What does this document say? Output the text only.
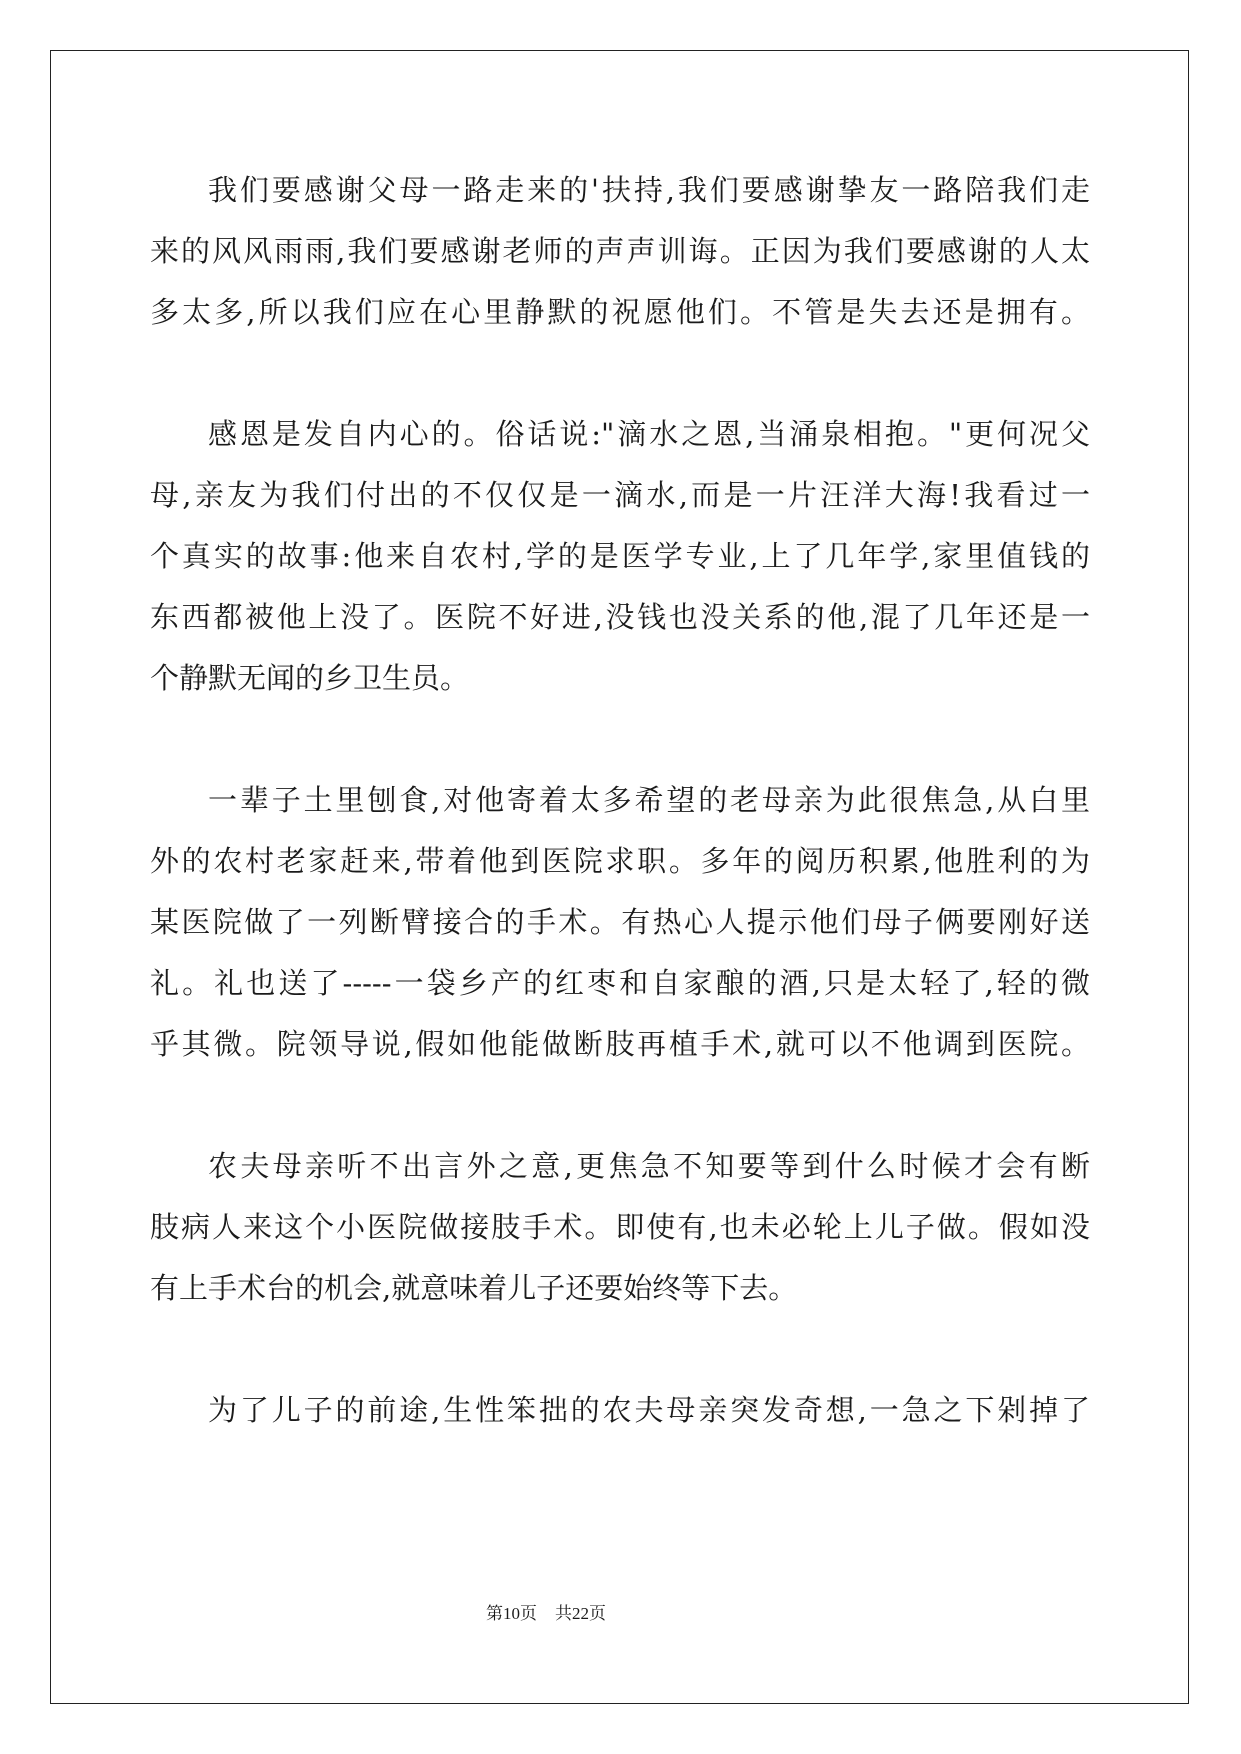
我们要感谢父母一路走来的'扶持,我们要感谢挚友一路陪我们走
来的风风雨雨,我们要感谢老师的声声训诲。正因为我们要感谢的人太
多太多,所以我们应在心里静默的祝愿他们。不管是失去还是拥有。
感恩是发自内心的。俗话说:"滴水之恩,当涌泉相抱。"更何况父
母,亲友为我们付出的不仅仅是一滴水,而是一片汪洋大海!我看过一
个真实的故事:他来自农村,学的是医学专业,上了几年学,家里值钱的
东西都被他上没了。医院不好进,没钱也没关系的他,混了几年还是一
个静默无闻的乡卫生员。
一辈子土里刨食,对他寄着太多希望的老母亲为此很焦急,从白里
外的农村老家赶来,带着他到医院求职。多年的阅历积累,他胜利的为
某医院做了一列断臂接合的手术。有热心人提示他们母子俩要刚好送
礼。礼也送了-----一袋乡产的红枣和自家酿的酒,只是太轻了,轻的微
乎其微。院领导说,假如他能做断肢再植手术,就可以不他调到医院。
农夫母亲听不出言外之意,更焦急不知要等到什么时候才会有断
肢病人来这个小医院做接肢手术。即使有,也未必轮上儿子做。假如没
有上手术台的机会,就意味着儿子还要始终等下去。
为了儿子的前途,生性笨拙的农夫母亲突发奇想,一急之下剁掉了
第10页 共22页
